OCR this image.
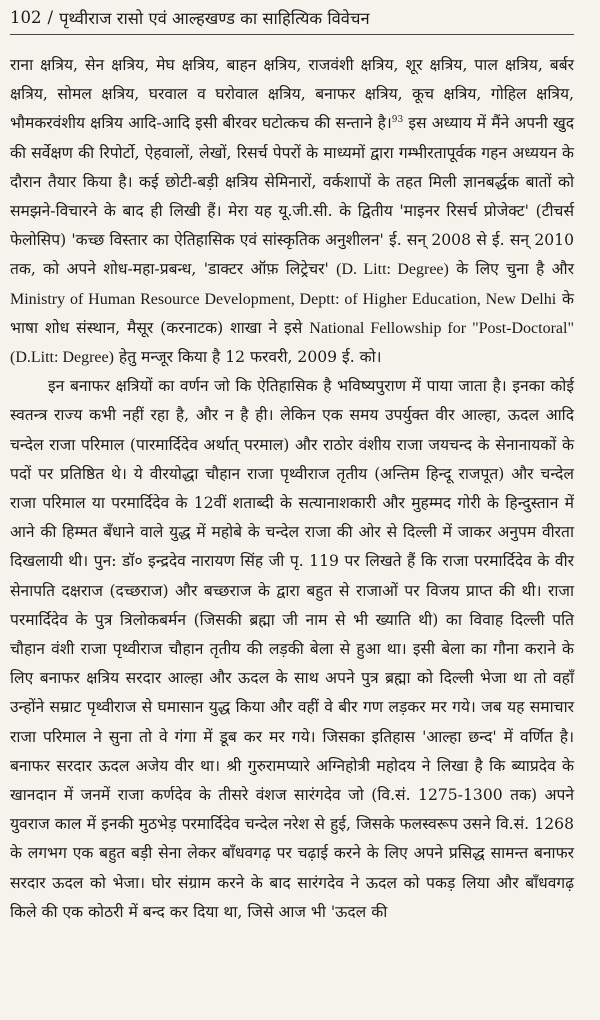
102 / पृथ्वीराज रासो एवं आल्हखण्ड का साहित्यिक विवेचन

राना क्षत्रिय, सेन क्षत्रिय, मेघ क्षत्रिय, बाहन क्षत्रिय, राजवंशी क्षत्रिय, शूर क्षत्रिय, पाल क्षत्रिय, बर्बर क्षत्रिय, सोमल क्षत्रिय, घरवाल व घरोवाल क्षत्रिय, बनाफर क्षत्रिय, कूच क्षत्रिय, गोहिल क्षत्रिय, भौमकरवंशीय क्षत्रिय आदि-आदि इसी बीरवर घटोत्कच की सन्ताने है।$^{93}$ इस अध्याय में मैंने अपनी खुद की सर्वेक्षण की रिपोर्टो, ऐहवालों, लेखों, रिसर्च पेपरों के माध्यमों द्वारा गम्भीरतापूर्वक गहन अध्ययन के दौरान तैयार किया है। कई छोटी-बड़ी क्षत्रिय सेमिनारों, वर्कशापों के तहत मिली ज्ञानबर्द्धक बातों को समझने-विचारने के बाद ही लिखी हैं। मेरा यह यू.जी.सी. के द्वितीय 'माइनर रिसर्च प्रोजेक्ट' (टीचर्स फेलोसिप) 'कच्छ विस्तार का ऐतिहासिक एवं सांस्कृतिक अनुशीलन' ई. सन् 2008 से ई. सन् 2010 तक, को अपने शोध-महा-प्रबन्ध, 'डाक्टर ऑफ़ लिट्रेचर' (D. Litt: Degree) के लिए चुना है और Ministry of Human Resource Development, Deptt: of Higher Education, New Delhi के भाषा शोध संस्थान, मैसूर (करनाटक) शाखा ने इसे National Fellowship for "Post-Doctoral" (D.Litt: Degree) हेतु मन्जूर किया है 12 फरवरी, 2009 ई. को।

इन बनाफर क्षत्रियों का वर्णन जो कि ऐतिहासिक है भविष्यपुराण में पाया जाता है। इनका कोई स्वतन्त्र राज्य कभी नहीं रहा है, और न है ही। लेकिन एक समय उपर्युक्त वीर आल्हा, ऊदल आदि चन्देल राजा परिमाल (पारमार्दिदेव अर्थात् परमाल) और राठोर वंशीय राजा जयचन्द के सेनानायकों के पदों पर प्रतिष्ठित थे। ये वीरयोद्धा चौहान राजा पृथ्वीराज तृतीय (अन्तिम हिन्दू राजपूत) और चन्देल राजा परिमाल या परमार्दिदेव के 12वीं शताब्दी के सत्यानाशकारी और मुहम्मद गोरी के हिन्दुस्तान में आने की हिम्मत बँधाने वाले युद्ध में महोबे के चन्देल राजा की ओर से दिल्ली में जाकर अनुपम वीरता दिखलायी थी। पुन: डॉ० इन्द्रदेव नारायण सिंह जी पृ. 119 पर लिखते हैं कि राजा परमार्दिदेव के वीर सेनापति दक्षराज (दच्छराज) और बच्छराज के द्वारा बहुत से राजाओं पर विजय प्राप्त की थी। राजा परमार्दिदेव के पुत्र त्रिलोकबर्मन (जिसकी ब्रह्मा जी नाम से भी ख्याति थी) का विवाह दिल्ली पति चौहान वंशी राजा पृथ्वीराज चौहान तृतीय की लड़की बेला से हुआ था। इसी बेला का गौना कराने के लिए बनाफर क्षत्रिय सरदार आल्हा और ऊदल के साथ अपने पुत्र ब्रह्मा को दिल्ली भेजा था तो वहाँ उन्होंने सम्राट पृथ्वीराज से घमासान युद्ध किया और वहीं वे बीर गण लड़कर मर गये। जब यह समाचार राजा परिमाल ने सुना तो वे गंगा में डूब कर मर गये। जिसका इतिहास 'आल्हा छन्द' में वर्णित है। बनाफर सरदार ऊदल अजेय वीर था। श्री गुरुरामप्यारे अग्निहोत्री महोदय ने लिखा है कि ब्याप्रदेव के खानदान में जनमें राजा कर्णदेव के तीसरे वंशज सारंगदेव जो (वि.सं. 1275-1300 तक) अपने युवराज काल में इनकी मुठभेड़ परमार्दिदेव चन्देल नरेश से हुई, जिसके फलस्वरूप उसने वि.सं. 1268 के लगभग एक बहुत बड़ी सेना लेकर बाँधवगढ़ पर चढ़ाई करने के लिए अपने प्रसिद्ध सामन्त बनाफर सरदार ऊदल को भेजा। घोर संग्राम करने के बाद सारंगदेव ने ऊदल को पकड़ लिया और बाँधवगढ़ किले की एक कोठरी में बन्द कर दिया था, जिसे आज भी 'ऊदल की
